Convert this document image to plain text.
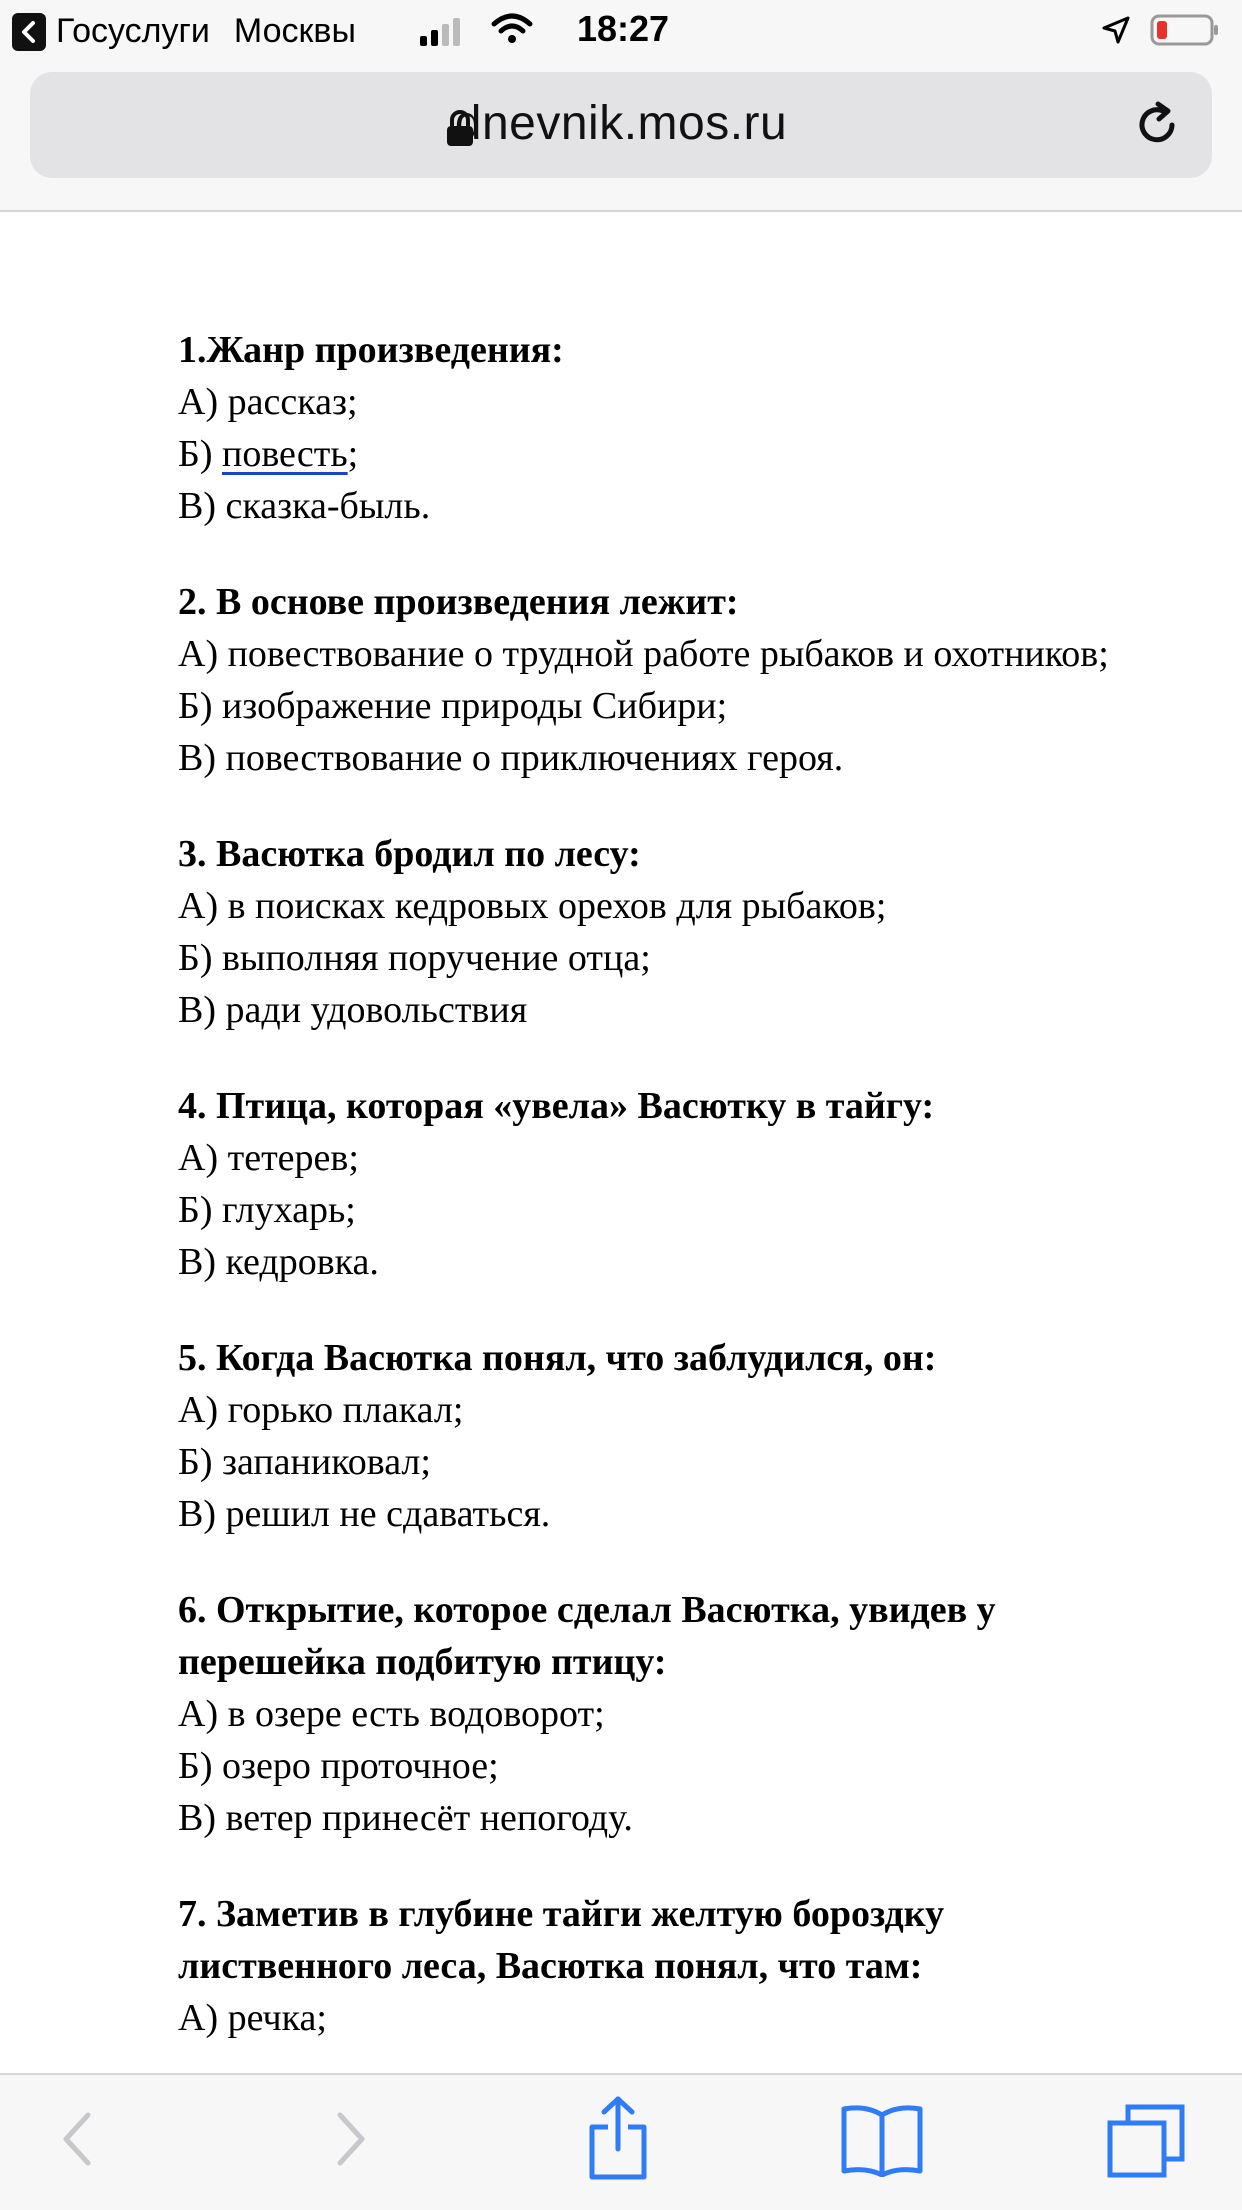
1.Жанр произведения:
А) рассказ;
Б) повесть;
В) сказка-быль.
2. В основе произведения лежит:
А) повествование о трудной работе рыбаков и охотников;
Б) изображение природы Сибири;
В) повествование о приключениях героя.
3. Васютка бродил по лесу:
А) в поисках кедровых орехов для рыбаков;
Б) выполняя поручение отца;
В) ради удовольствия
4. Птица, которая «увела» Васютку в тайгу:
А) тетерев;
Б) глухарь;
В) кедровка.
5. Когда Васютка понял, что заблудился, он:
А) горько плакал;
Б) запаниковал;
В) решил не сдаваться.
6. Открытие, которое сделал Васютка, увидев у перешейка подбитую птицу:
А) в озере есть водоворот;
Б) озеро проточное;
В) ветер принесёт непогоду.
7. Заметив в глубине тайги желтую бороздку лиственного леса, Васютка понял, что там:
А) речка;
Госуслуги Москвы	18:27
dnevnik.mos.ru
